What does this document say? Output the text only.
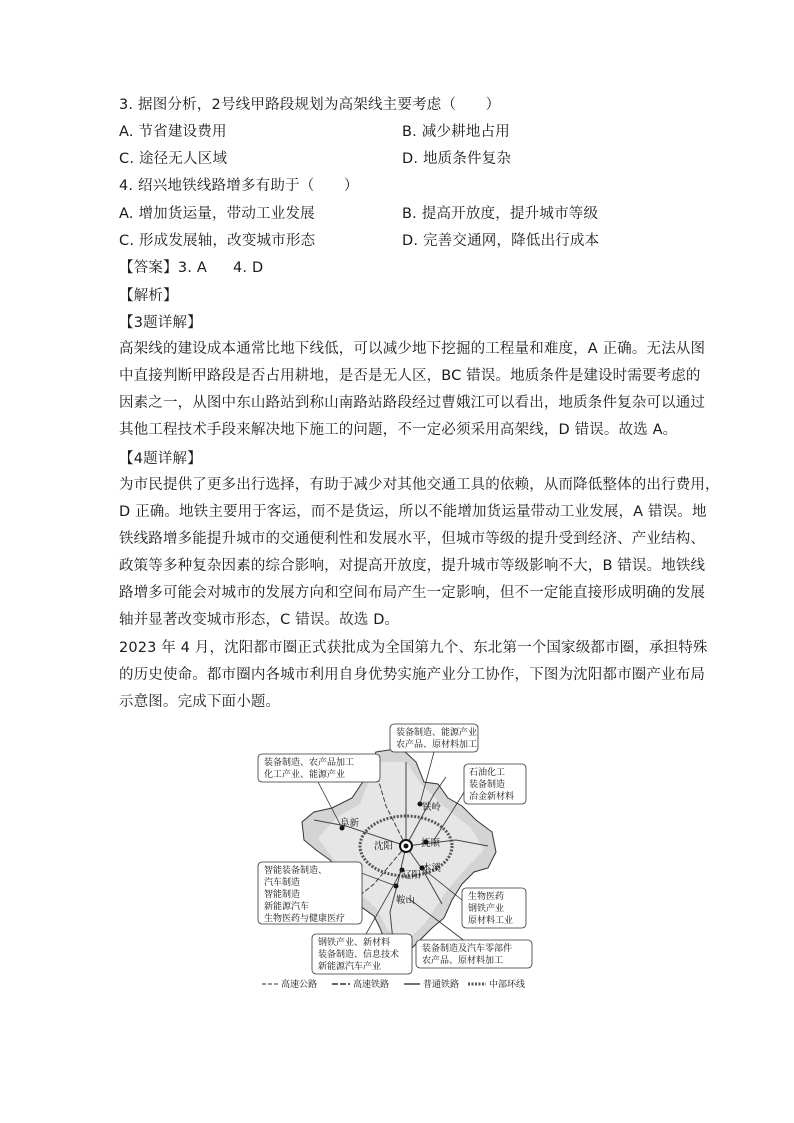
3. 据图分析，2号线甲路段规划为高架线主要考虑（　　）
A. 节省建设费用	B. 减少耕地占用
C. 途径无人区域	D. 地质条件复杂
4. 绍兴地铁线路增多有助于（　　）
A. 增加货运量，带动工业发展	B. 提高开放度，提升城市等级
C. 形成发展轴，改变城市形态	D. 完善交通网，降低出行成本
【答案】3. A 4. D
【解析】
【3题详解】
高架线的建设成本通常比地下线低，可以减少地下挖掘的工程量和难度，A 正确。无法从图
中直接判断甲路段是否占用耕地，是否是无人区，BC 错误。地质条件是建设时需要考虑的
因素之一，从图中东山路站到称山南路站路段经过曹娥江可以看出，地质条件复杂可以通过
其他工程技术手段来解决地下施工的问题，不一定必须采用高架线，D 错误。故选 A。
【4题详解】
为市民提供了更多出行选择，有助于减少对其他交通工具的依赖，从而降低整体的出行费用，
D 正确。地铁主要用于客运，而不是货运，所以不能增加货运量带动工业发展，A 错误。地
铁线路增多能提升城市的交通便利性和发展水平，但城市等级的提升受到经济、产业结构、
政策等多种复杂因素的综合影响，对提高开放度，提升城市等级影响不大，B 错误。地铁线
路增多可能会对城市的发展方向和空间布局产生一定影响，但不一定能直接形成明确的发展
轴并显著改变城市形态，C 错误。故选 D。
2023 年 4 月，沈阳都市圈正式获批成为全国第九个、东北第一个国家级都市圈，承担特殊
的历史使命。都市圈内各城市利用自身优势实施产业分工协作，下图为沈阳都市圈产业布局
示意图。完成下面小题。
铁岭
阜新
沈阳	抚顺
本溪
辽阳
鞍山
装备制造、能源产业
农产品、原材料加工
装备制造、农产品加工
化工产业、能源产业	石油化工
装备制造
冶金新材料
智能装备制造、
汽车制造
智能制造
新能源汽车
生物医药与健康医疗
生物医药
钢铁产业
原材料工业
钢铁产业、新材料
装备制造、信息技术
新能源汽车产业
装备制造及汽车零部件
农产品、原材料加工
高速公路	高速铁路	普通铁路	中部环线
